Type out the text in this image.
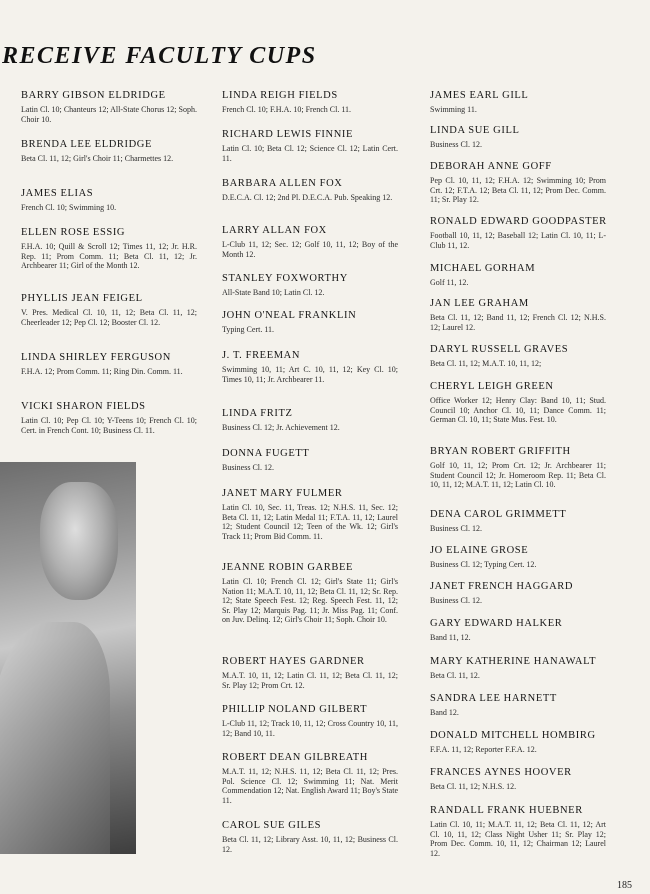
RECEIVE FACULTY CUPS
BARRY GIBSON ELDRIDGE
Latin Cl. 10; Chanteurs 12; All-State Chorus 12; Soph. Choir 10.
BRENDA LEE ELDRIDGE
Beta Cl. 11, 12; Girl's Choir 11; Charmettes 12.
JAMES ELIAS
French Cl. 10; Swimming 10.
ELLEN ROSE ESSIG
F.H.A. 10; Quill & Scroll 12; Times 11, 12; Jr. H.R. Rep. 11; Prom Comm. 11; Beta Cl. 11, 12; Jr. Archbearer 11; Girl of the Month 12.
PHYLLIS JEAN FEIGEL
V. Pres. Medical Cl. 10, 11, 12; Beta Cl. 11, 12; Cheerleader 12; Pep Cl. 12; Booster Cl. 12.
LINDA SHIRLEY FERGUSON
F.H.A. 12; Prom Comm. 11; Ring Din. Comm. 11.
VICKI SHARON FIELDS
Latin Cl. 10; Pep Cl. 10; Y-Teens 10; French Cl. 10; Cert. in French Cont. 10; Business Cl. 11.
LINDA REIGH FIELDS
French Cl. 10; F.H.A. 10; French Cl. 11.
RICHARD LEWIS FINNIE
Latin Cl. 10; Beta Cl. 12; Science Cl. 12; Latin Cert. 11.
BARBARA ALLEN FOX
D.E.C.A. Cl. 12; 2nd Pl. D.E.C.A. Pub. Speaking 12.
LARRY ALLAN FOX
L-Club 11, 12; Sec. 12; Golf 10, 11, 12; Boy of the Month 12.
STANLEY FOXWORTHY
All-State Band 10; Latin Cl. 12.
JOHN O'NEAL FRANKLIN
Typing Cert. 11.
J. T. FREEMAN
Swimming 10, 11; Art C. 10, 11, 12; Key Cl. 10; Times 10, 11; Jr. Archbearer 11.
LINDA FRITZ
Business Cl. 12; Jr. Achievement 12.
DONNA FUGETT
Business Cl. 12.
JANET MARY FULMER
Latin Cl. 10, Sec. 11, Treas. 12; N.H.S. 11, Sec. 12; Beta Cl. 11, 12; Latin Medal 11; F.T.A. 11, 12; Laurel 12; Student Council 12; Teen of the Wk. 12; Girl's Track 11; Prom Bid Comm. 11.
JEANNE ROBIN GARBEE
Latin Cl. 10; French Cl. 12; Girl's State 11; Girl's Nation 11; M.A.T. 10, 11, 12; Beta Cl. 11, 12; Sr. Rep. 12; State Speech Fest. 12; Reg. Speech Fest. 11, 12; Sr. Play 12; Marquis Pag. 11; Jr. Miss Pag. 11; Conf. on Juv. Delinq. 12; Girl's Choir 11; Soph. Choir 10.
ROBERT HAYES GARDNER
M.A.T. 10, 11, 12; Latin Cl. 11, 12; Beta Cl. 11, 12; Sr. Play 12; Prom Crt. 12.
PHILLIP NOLAND GILBERT
L-Club 11, 12; Track 10, 11, 12; Cross Country 10, 11, 12; Band 10, 11.
ROBERT DEAN GILBREATH
M.A.T. 11, 12; N.H.S. 11, 12; Beta Cl. 11, 12; Pres. Pol. Science Cl. 12; Swimming 11; Nat. Merit Commendation 12; Nat. English Award 11; Boy's State 11.
CAROL SUE GILES
Beta Cl. 11, 12; Library Asst. 10, 11, 12; Business Cl. 12.
JAMES EARL GILL
Swimming 11.
LINDA SUE GILL
Business Cl. 12.
DEBORAH ANNE GOFF
Pep Cl. 10, 11, 12; F.H.A. 12; Swimming 10; Prom Crt. 12; F.T.A. 12; Beta Cl. 11, 12; Prom Dec. Comm. 11; Sr. Play 12.
RONALD EDWARD GOODPASTER
Football 10, 11, 12; Baseball 12; Latin Cl. 10, 11; L-Club 11, 12.
MICHAEL GORHAM
Golf 11, 12.
JAN LEE GRAHAM
Beta Cl. 11, 12; Band 11, 12; French Cl. 12; N.H.S. 12; Laurel 12.
DARYL RUSSELL GRAVES
Beta Cl. 11, 12; M.A.T. 10, 11, 12;
CHERYL LEIGH GREEN
Office Worker 12; Henry Clay: Band 10, 11; Stud. Council 10; Anchor Cl. 10, 11; Dance Comm. 11; German Cl. 10, 11; State Mus. Fest. 10.
BRYAN ROBERT GRIFFITH
Golf 10, 11, 12; Prom Crt. 12; Jr. Archbearer 11; Student Council 12; Jr. Homeroom Rep. 11; Beta Cl. 10, 11, 12; M.A.T. 11, 12; Latin Cl. 10.
DENA CAROL GRIMMETT
Business Cl. 12.
JO ELAINE GROSE
Business Cl. 12; Typing Cert. 12.
JANET FRENCH HAGGARD
Business Cl. 12.
GARY EDWARD HALKER
Band 11, 12.
MARY KATHERINE HANAWALT
Beta Cl. 11, 12.
SANDRA LEE HARNETT
Band 12.
DONALD MITCHELL HOMBIRG
F.F.A. 11, 12; Reporter F.F.A. 12.
FRANCES AYNES HOOVER
Beta Cl. 11, 12; N.H.S. 12.
RANDALL FRANK HUEBNER
Latin Cl. 10, 11; M.A.T. 11, 12; Beta Cl. 11, 12; Art Cl. 10, 11, 12; Class Night Usher 11; Sr. Play 12; Prom Dec. Comm. 10, 11, 12; Chairman 12; Laurel 12.
185
